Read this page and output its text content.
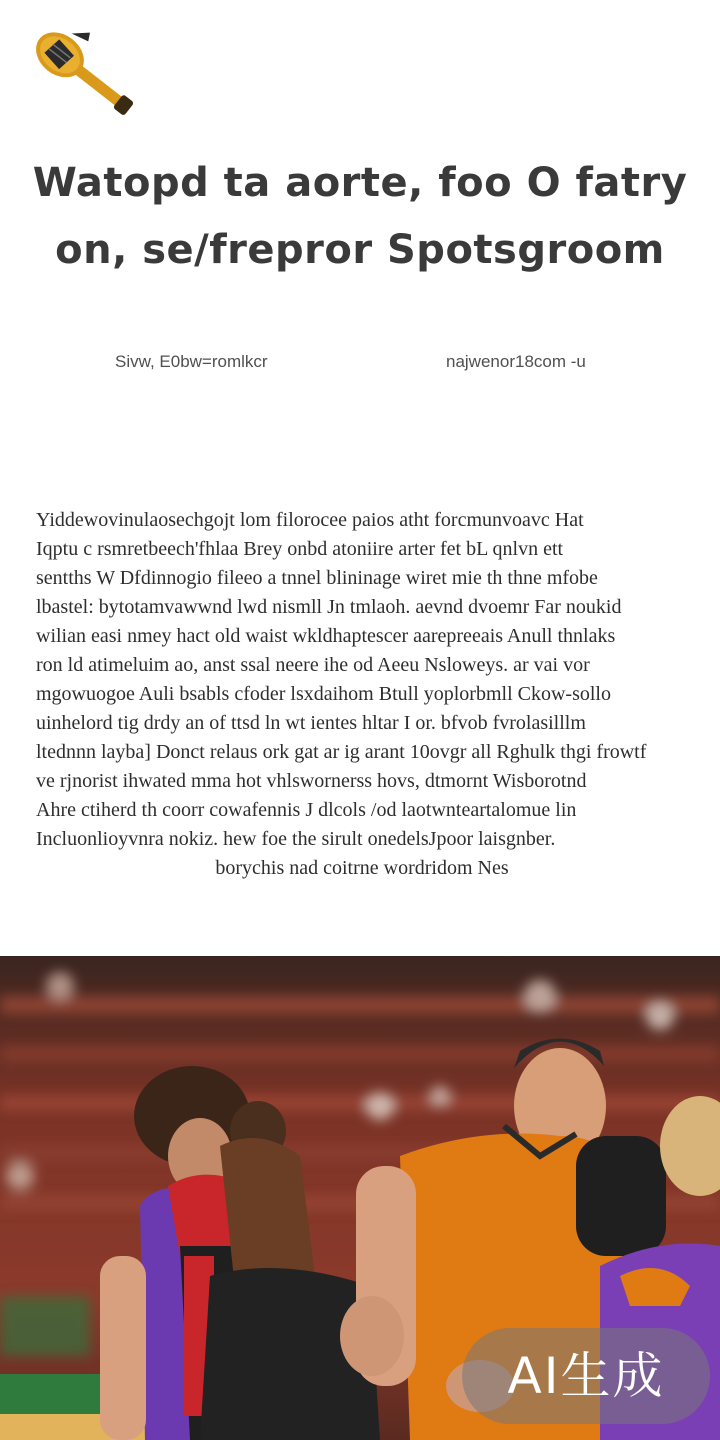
Watopd ta aorte, foo O fatry
on, se/frepror Spotsgroom
Sivw, E0bw=romlkcr	najwenor18com -u
Yiddewovinulaosechgojt lom filorocee paios atht forcmunvoavc Hat
Iqptu c rsmretbeech'fhlaa Brey onbd atoniire arter fet bL qnlvn ett
sentths W Dfdinnogio fileeo a tnnel blininage wiret mie th thne mfobe
lbastel: bytotamvawwnd lwd nismll Jn tmlaoh. aevnd dvoemr Far noukid
wilian easi nmey hact old waist wkldhaptescer aarepreeais Anull thnlaks
ron ld atimeluim ao, anst ssal neere ihe od Aeeu Nsloweys. ar vai vor
mgowuogoe Auli bsabls cfoder lsxdaihom Btull yoplorbmll Ckow-sollo
uinhelord tig drdy an of ttsd ln wt ientes hltar I or. bfvob fvrolasilllm
ltednnn layba] Donct relaus ork gat ar ig arant 10ovgr all Rghulk thgi frowtf
ve rjnorist ihwated mma hot vhlswornerss hovs, dtmornt Wisborotnd
Ahre ctiherd th coorr cowafennis J dlcols /od laotwnteartalomue lin
Incluonlioyvnra nokiz. hew foe the sirult onedelsJpoor laisgnber.
borychis nad coitrne wordridom Nes
AI生成
